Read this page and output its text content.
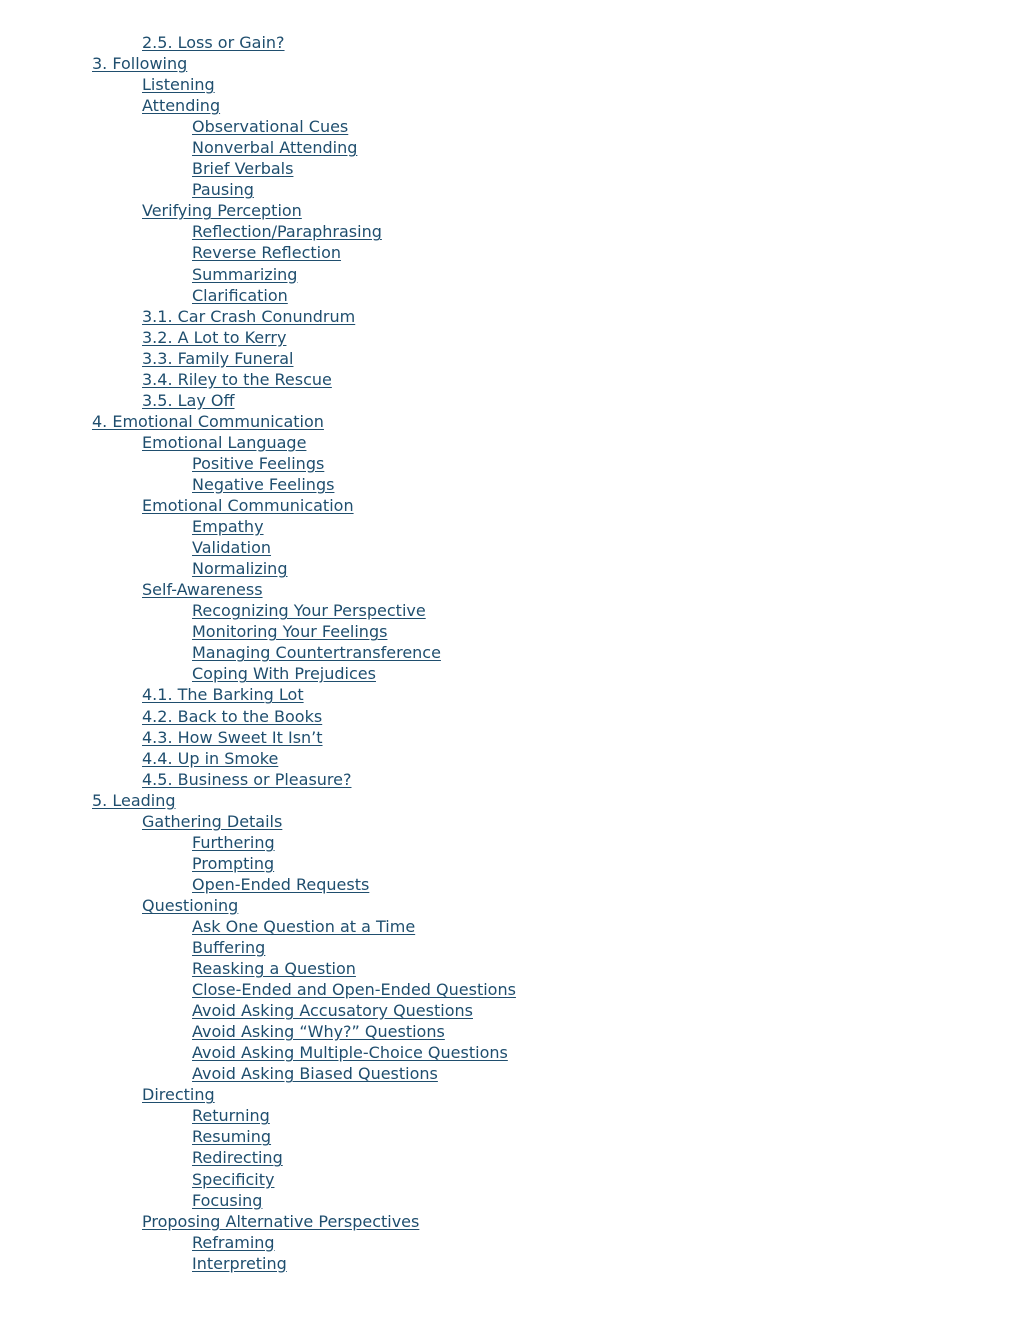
2.5. Loss or Gain?
3. Following
Listening
Attending
Observational Cues
Nonverbal Attending
Brief Verbals
Pausing
Verifying Perception
Reflection/Paraphrasing
Reverse Reflection
Summarizing
Clarification
3.1. Car Crash Conundrum
3.2. A Lot to Kerry
3.3. Family Funeral
3.4. Riley to the Rescue
3.5. Lay Off
4. Emotional Communication
Emotional Language
Positive Feelings
Negative Feelings
Emotional Communication
Empathy
Validation
Normalizing
Self-Awareness
Recognizing Your Perspective
Monitoring Your Feelings
Managing Countertransference
Coping With Prejudices
4.1. The Barking Lot
4.2. Back to the Books
4.3. How Sweet It Isn’t
4.4. Up in Smoke
4.5. Business or Pleasure?
5. Leading
Gathering Details
Furthering
Prompting
Open-Ended Requests
Questioning
Ask One Question at a Time
Buffering
Reasking a Question
Close-Ended and Open-Ended Questions
Avoid Asking Accusatory Questions
Avoid Asking “Why?” Questions
Avoid Asking Multiple-Choice Questions
Avoid Asking Biased Questions
Directing
Returning
Resuming
Redirecting
Specificity
Focusing
Proposing Alternative Perspectives
Reframing
Interpreting
